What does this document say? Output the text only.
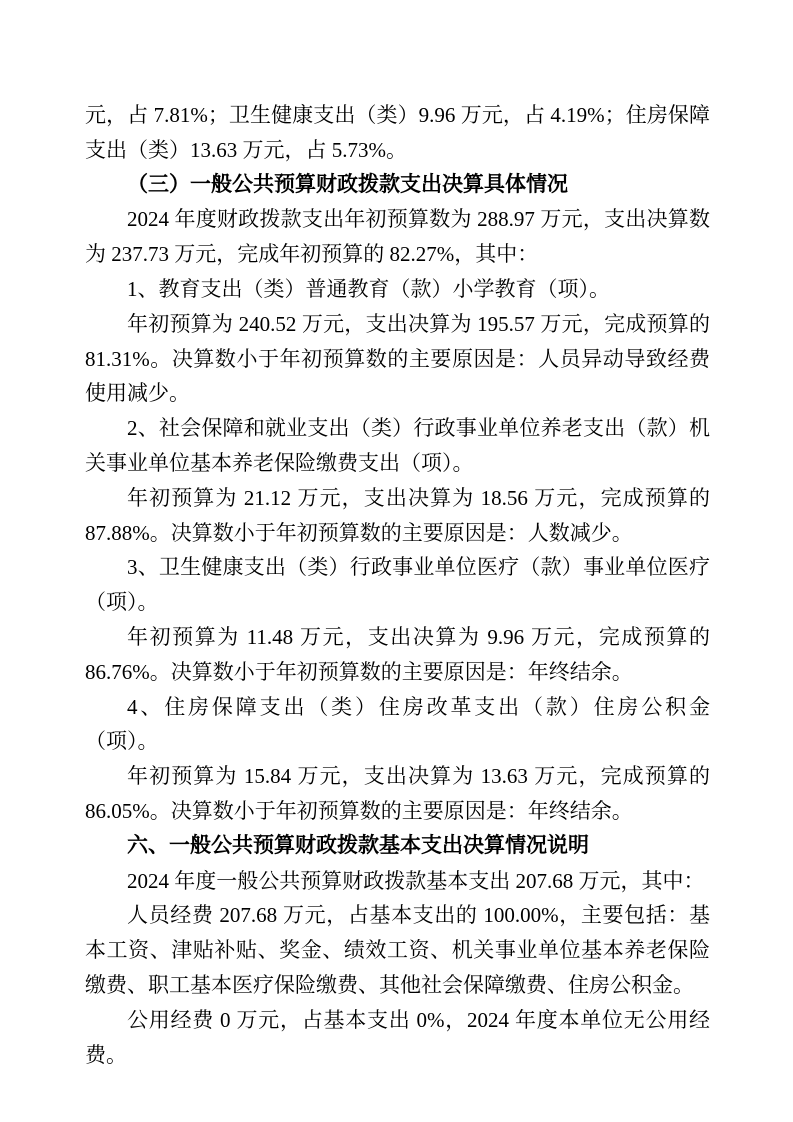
元，占 7.81%；卫生健康支出（类）9.96 万元，占 4.19%；住房保障支出（类）13.63 万元，占 5.73%。

（三）一般公共预算财政拨款支出决算具体情况

2024 年度财政拨款支出年初预算数为 288.97 万元，支出决算数为 237.73 万元，完成年初预算的 82.27%，其中：

1、教育支出（类）普通教育（款）小学教育（项）。

年初预算为 240.52 万元，支出决算为 195.57 万元，完成预算的 81.31%。决算数小于年初预算数的主要原因是：人员异动导致经费使用减少。

2、社会保障和就业支出（类）行政事业单位养老支出（款）机关事业单位基本养老保险缴费支出（项）。

年初预算为 21.12 万元，支出决算为 18.56 万元，完成预算的 87.88%。决算数小于年初预算数的主要原因是：人数减少。

3、卫生健康支出（类）行政事业单位医疗（款）事业单位医疗（项）。

年初预算为 11.48 万元，支出决算为 9.96 万元，完成预算的 86.76%。决算数小于年初预算数的主要原因是：年终结余。

4、住房保障支出（类）住房改革支出（款）住房公积金（项）。

年初预算为 15.84 万元，支出决算为 13.63 万元，完成预算的 86.05%。决算数小于年初预算数的主要原因是：年终结余。

六、一般公共预算财政拨款基本支出决算情况说明

2024 年度一般公共预算财政拨款基本支出 207.68 万元，其中：

人员经费 207.68 万元，占基本支出的 100.00%，主要包括：基本工资、津贴补贴、奖金、绩效工资、机关事业单位基本养老保险缴费、职工基本医疗保险缴费、其他社会保障缴费、住房公积金。

公用经费 0 万元，占基本支出 0%，2024 年度本单位无公用经费。
